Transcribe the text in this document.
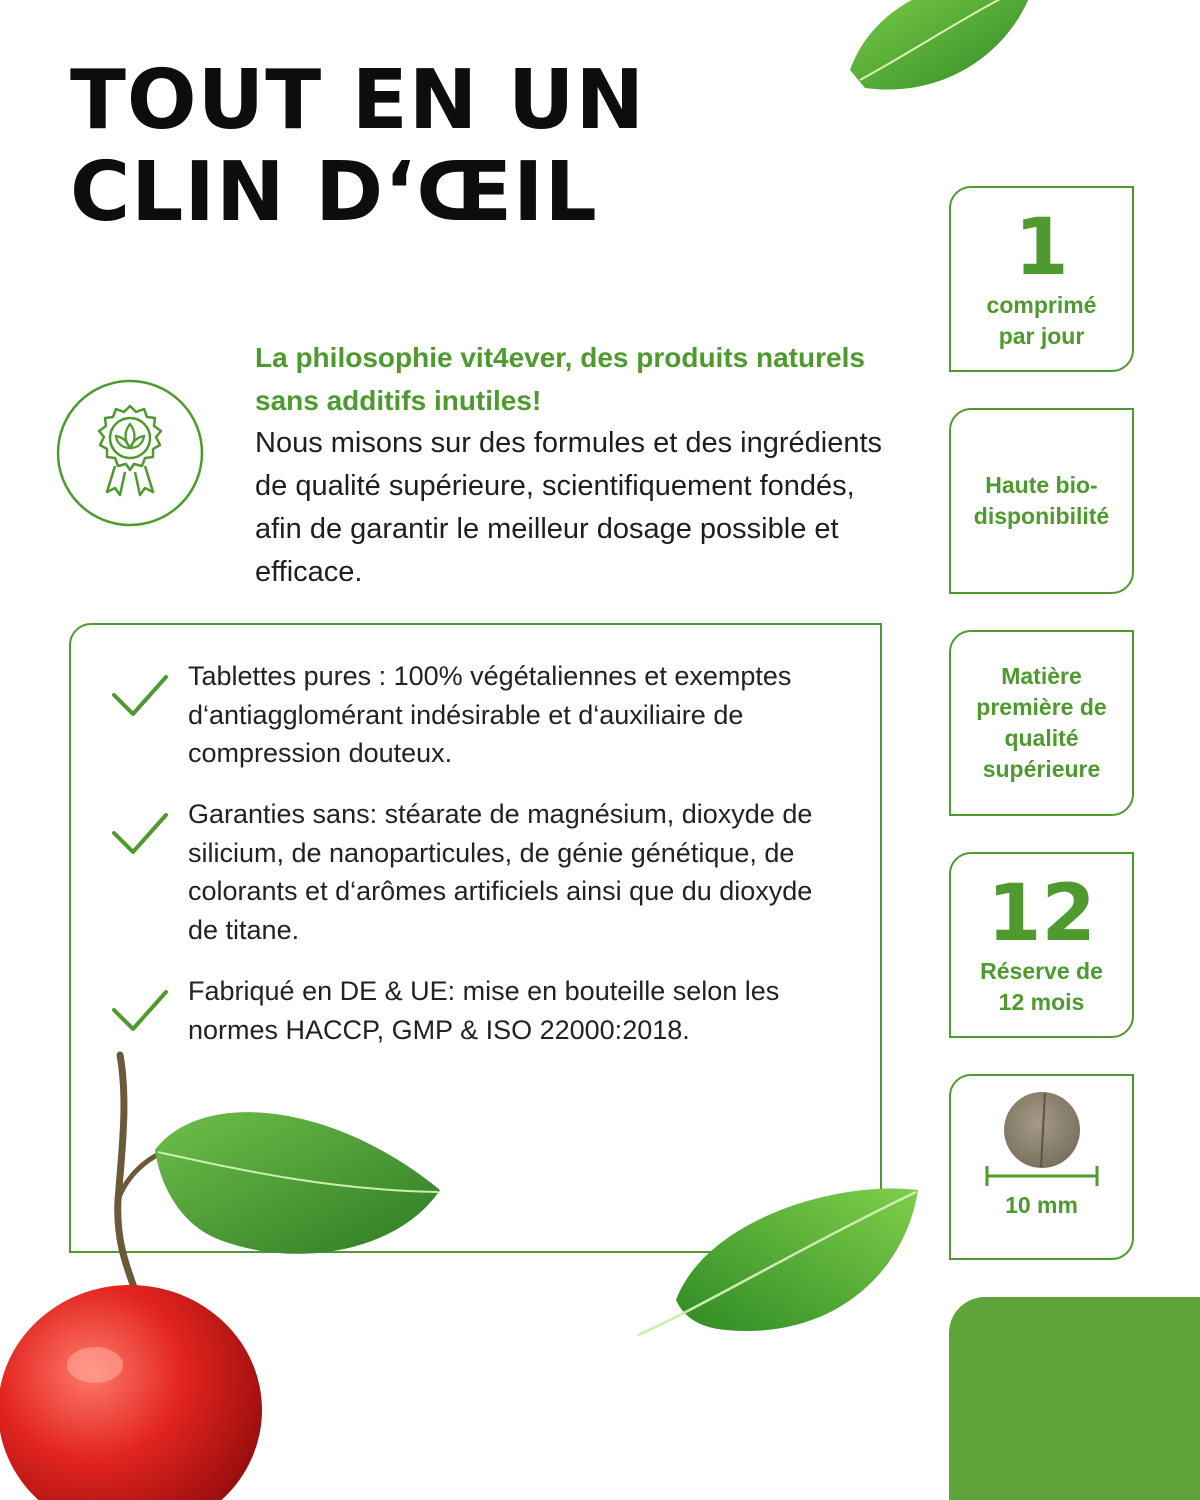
TOUT EN UN
CLIN D‘ŒIL
La philosophie vit4ever, des produits naturels sans additifs inutiles!
Nous misons sur des formules et des ingrédients de qualité supérieure, scientifiquement fondés, afin de garantir le meilleur dosage possible et efficace.
Tablettes pures : 100% végétaliennes et exemptes d‘antiagglomérant indésirable et d‘auxiliaire de compression douteux.
Garanties sans: stéarate de magnésium, dioxyde de silicium, de nanoparticules, de génie génétique, de colorants et d‘arômes artificiels ainsi que du dioxyde de titane.
Fabriqué en DE & UE: mise en bouteille selon les normes HACCP, GMP & ISO 22000:2018.
1
comprimé par jour
Haute bio-disponibilité
Matière première de qualité supérieure
12
Réserve de 12 mois
10 mm
